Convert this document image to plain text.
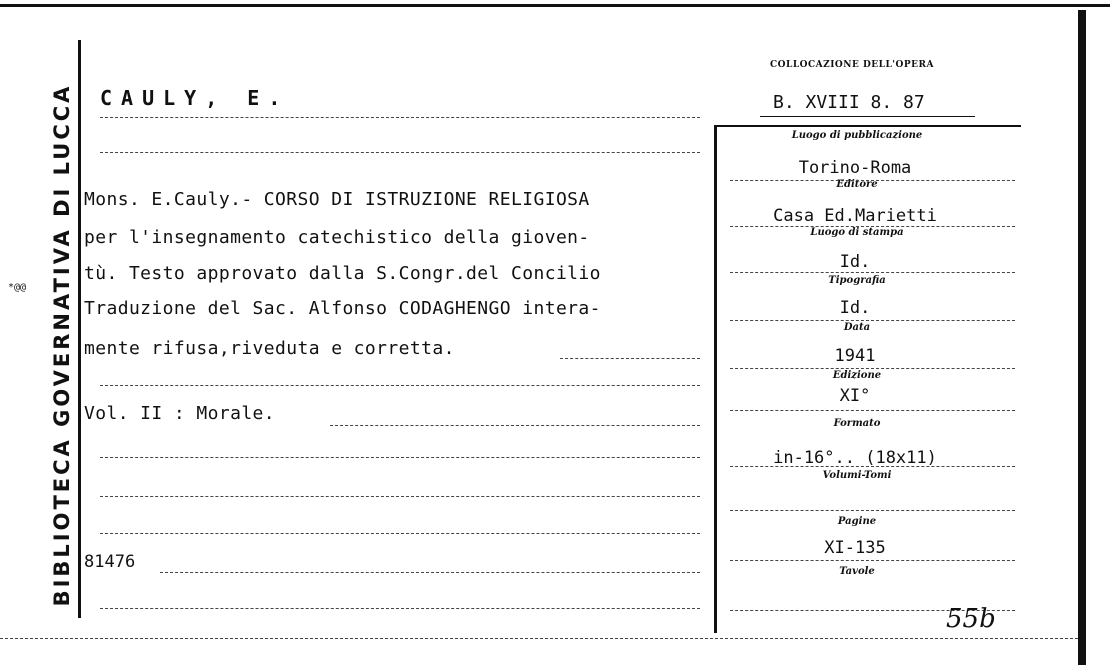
BIBLIOTECA GOVERNATIVA DI LUCCA
*@@
CAULY, E.
COLLOCAZIONE DELL'OPERA
B. XVIII 8. 87
Mons. E.Cauly.- CORSO DI ISTRUZIONE RELIGIOSA
per l'insegnamento catechistico della gioven-
tù. Testo approvato dalla S.Congr.del Concilio
Traduzione del Sac. Alfonso CODAGHENGO intera-
mente rifusa,riveduta e corretta.
Vol. II : Morale.
81476
Luogo di pubblicazione
Torino-Roma
Editore
Casa Ed.Marietti
Luogo di stampa
Id.
Tipografia
Id.
Data
1941
Edizione
XI°
Formato
in-16°.. (18x11)
Volumi-Tomi
Pagine
XI-135
Tavole
55b
